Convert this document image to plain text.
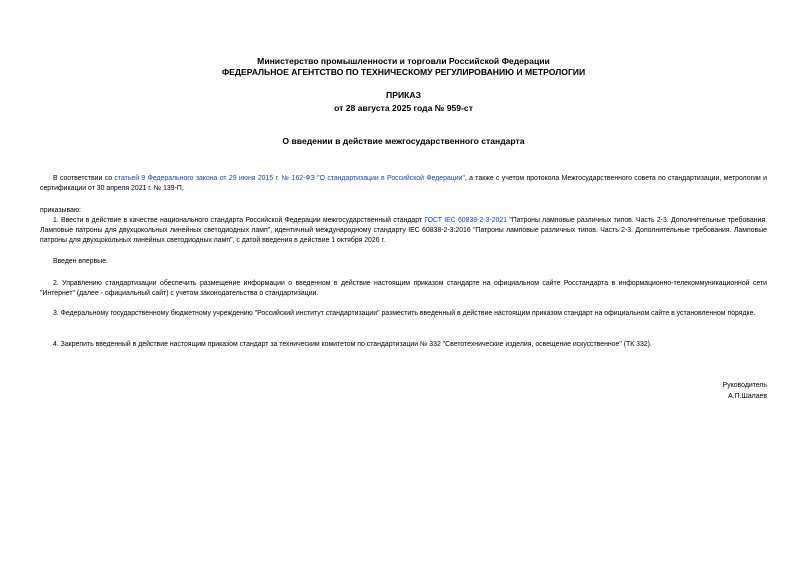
Министерство промышленности и торговли Российской Федерации
ФЕДЕРАЛЬНОЕ АГЕНТСТВО ПО ТЕХНИЧЕСКОМУ РЕГУЛИРОВАНИЮ И МЕТРОЛОГИИ
ПРИКАЗ
от 28 августа 2025 года № 959-ст
О введении в действие межгосударственного стандарта
В соответствии со статьей 9 Федерального закона от 29 июня 2015 г. № 162-ФЗ "О стандартизации в Российской Федерации", а также с учетом протокола Межгосударственного совета по стандартизации, метрологии и сертификации от 30 апреля 2021 г. № 139-П,
приказываю:
1. Ввести в действие в качестве национального стандарта Российской Федерации межгосударственный стандарт ГОСТ IEC 60838-2-3-2021 "Патроны ламповые различных типов. Часть 2-3. Дополнительные требования. Ламповые патроны для двухцокольных линейных светодиодных ламп", идентичный международному стандарту IEC 60838-2-3:2016 "Патроны ламповые различных типов. Часть 2-3. Дополнительные требования. Ламповые патроны для двухцокольных линейных светодиодных ламп", с датой введения в действие 1 октября 2026 г.
Введен впервые.
2. Управлению стандартизации обеспечить размещение информации о введенном в действие настоящим приказом стандарте на официальном сайте Росстандарта в информационно-телекоммуникационной сети "Интернет" (далее - официальный сайт) с учетом законодательства о стандартизации.
3. Федеральному государственному бюджетному учреждению "Российский институт стандартизации" разместить введенный в действие настоящим приказом стандарт на официальном сайте в установленном порядке.
4. Закрепить введенный в действие настоящим приказом стандарт за техническим комитетом по стандартизации № 332 "Светотехнические изделия, освещение искусственное" (ТК 332).
Руководитель
А.П.Шалаев
